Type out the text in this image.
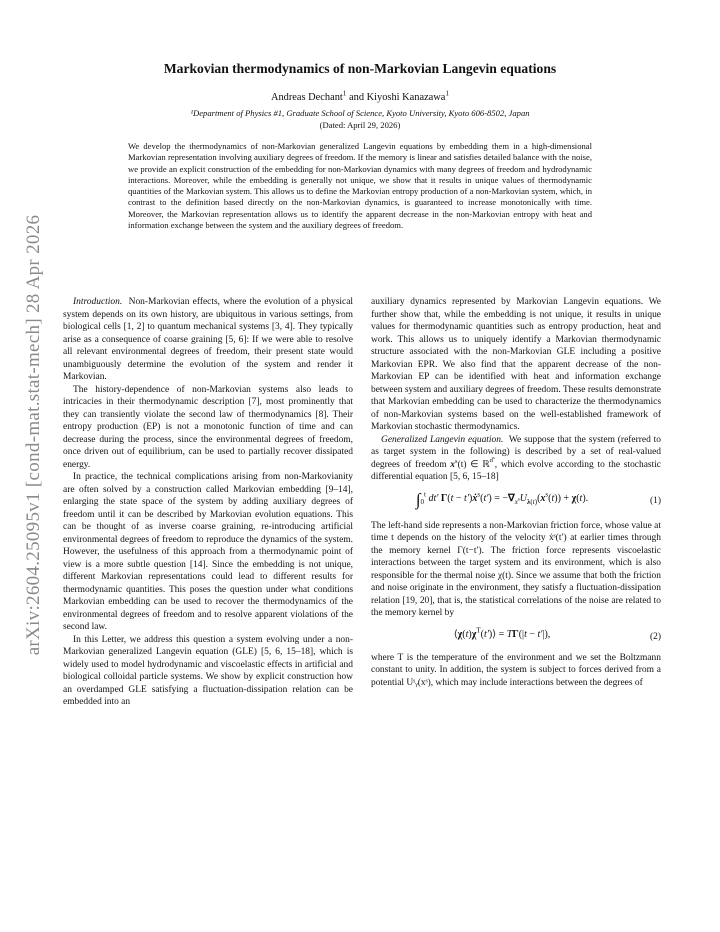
arXiv:2604.25095v1 [cond-mat.stat-mech] 28 Apr 2026
Markovian thermodynamics of non-Markovian Langevin equations
Andreas Dechant$^1$ and Kiyoshi Kanazawa$^1$
¹Department of Physics #1, Graduate School of Science, Kyoto University, Kyoto 606-8502, Japan
(Dated: April 29, 2026)
We develop the thermodynamics of non-Markovian generalized Langevin equations by embedding them in a high-dimensional Markovian representation involving auxiliary degrees of freedom. If the memory is linear and satisfies detailed balance with the noise, we provide an explicit construction of the embedding for non-Markovian dynamics with many degrees of freedom and hydrodynamic interactions. Moreover, while the embedding is generally not unique, we show that it results in unique values of thermodynamic quantities of the Markovian system. This allows us to define the Markovian entropy production of a non-Markovian system, which, in contrast to the definition based directly on the non-Markovian dynamics, is guaranteed to increase monotonically with time. Moreover, the Markovian representation allows us to identify the apparent decrease in the non-Markovian entropy with heat and information exchange between the system and the auxiliary degrees of freedom.

Introduction. Non-Markovian effects, where the evolution of a physical system depends on its own history, are ubiquitous in various settings, from biological cells [1, 2] to quantum mechanical systems [3, 4]. They typically arise as a consequence of coarse graining [5, 6]: If we were able to resolve all relevant environmental degrees of freedom, their present state would unambiguously determine the evolution of the system and render it Markovian.

The history-dependence of non-Markovian systems also leads to intricacies in their thermodynamic description [7], most prominently that they can transiently violate the second law of thermodynamics [8]. Their entropy production (EP) is not a monotonic function of time and can decrease during the process, since the environmental degrees of freedom, once driven out of equilibrium, can be used to partially recover dissipated energy.

In practice, the technical complications arising from non-Markovianity are often solved by a construction called Markovian embedding [9–14], enlarging the state space of the system by adding auxiliary degrees of freedom until it can be described by Markovian evolution equations. This can be thought of as inverse coarse graining, re-introducing artificial environmental degrees of freedom to reproduce the dynamics of the system. However, the usefulness of this approach from a thermodynamic point of view is a more subtle question [14]. Since the embedding is not unique, different Markovian representations could lead to different results for thermodynamic quantities. This poses the question under what conditions Markovian embedding can be used to recover the thermodynamics of the environmental degrees of freedom and to resolve apparent violations of the second law.

In this Letter, we address this question a system evolving under a non-Markovian generalized Langevin equation (GLE) [5, 6, 15–18], which is widely used to model hydrodynamic and viscoelastic effects in artificial and biological colloidal particle systems. We show by explicit construction how an overdamped GLE satisfying a fluctuation-dissipation relation can be embedded into an

auxiliary dynamics represented by Markovian Langevin equations. We further show that, while the embedding is not unique, it results in unique values for thermodynamic quantities such as entropy production, heat and work. This allows us to uniquely identify a Markovian thermodynamic structure associated with the non-Markovian GLE including a positive Markovian EPR. We also find that the apparent decrease of the non-Markovian EP can be identified with heat and information exchange between system and auxiliary degrees of freedom. These results demonstrate that Markovian embedding can be used to characterize the thermodynamics of non-Markovian systems based on the well-established framework of Markovian stochastic thermodynamics.

Generalized Langevin equation. We suppose that the system (referred to as target system in the following) is described by a set of real-valued degrees of freedom $x^s(t)$ ∈ ℝ$^{d^s}$, which evolve according to the stochastic differential equation [5, 6, 15–18]

$\int_0^t$ dt′ Γ(t − t′)ẋ$^s$(t′) = $-\nabla_{x^s}U_{\lambda(t)}(x^s(t)) + \chi(t)$.	(1)

The left-hand side represents a non-Markovian friction force, whose value at time t depends on the history of the velocity ẋˢ(t′) at earlier times through the memory kernel Γ(t−t′). The friction force represents viscoelastic interactions between the target system and its environment, which is also responsible for the thermal noise χ(t). Since we assume that both the friction and noise originate in the environment, they satisfy a fluctuation-dissipation relation [19, 20], that is, the statistical correlations of the noise are related to the memory kernel by

$⟨\chi(t)\chi^T(t')⟩ = T\Gamma(|t - t'|)$,	(2)

where T is the temperature of the environment and we set the Boltzmann constant to unity. In addition, the system is subject to forces derived from a potential Uˢᵧ(xˢ), which may include interactions between the degrees of
